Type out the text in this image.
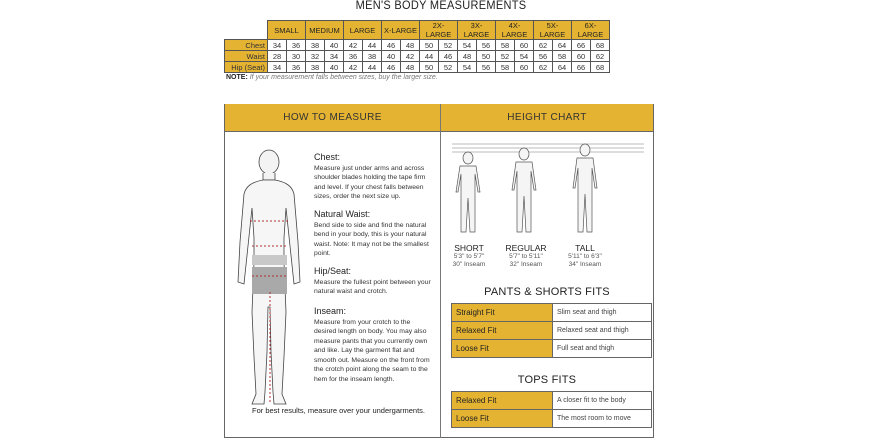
MEN'S BODY MEASUREMENTS
	SMALL		MEDIUM		LARGE		X-LARGE		2X-LARGE		3X-LARGE		4X-LARGE		5X-LARGE		6X-LARGE	
Chest	34	36	38	40	42	44	46	48	50	52	54	56	58	60	62	64	66	68
Waist	28	30	32	34	36	38	40	42	44	46	48	50	52	54	56	58	60	62
Hip (Seat)	34	36	38	40	42	44	46	48	50	52	54	56	58	60	62	64	66	68
NOTE: If your measurement falls between sizes, buy the larger size.
HOW TO MEASURE	HEIGHT CHART
Chest:
Measure just under arms and across shoulder blades holding the tape firm and level. If your chest falls between sizes, order the next size up.
Natural Waist:
Bend side to side and find the natural bend in your body, this is your natural waist. Note: It may not be the smallest point.
Hip/Seat:
Measure the fullest point between your natural waist and crotch.
Inseam:
Measure from your crotch to the desired length on body. You may also measure pants that you currently own and like. Lay the garment flat and smooth out. Measure on the front from the crotch point along the seam to the hem for the inseam length.
For best results, measure over your undergarments.
SHORT
5'3" to 5'7"
30" Inseam
REGULAR
5'7" to 5'11"
32" Inseam
TALL
5'11" to 6'3"
34" Inseam
PANTS & SHORTS FITS
Straight Fit	Slim seat and thigh
Relaxed Fit	Relaxed seat and thigh
Loose Fit	Full seat and thigh
TOPS FITS
Relaxed Fit	A closer fit to the body
Loose Fit	The most room to move
